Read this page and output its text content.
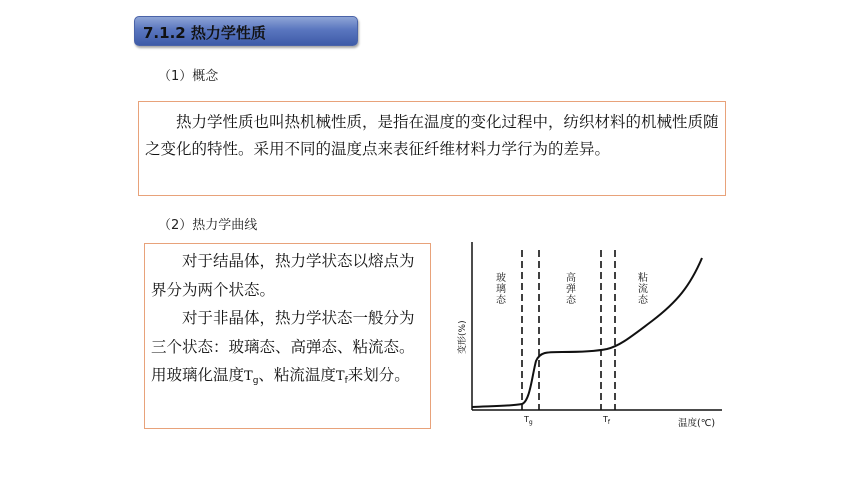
7.1.2 热力学性质
（1）概念

热力学性质也叫热机械性质，是指在温度的变化过程中，纺织材料的机械性质随之变化的特性。采用不同的温度点来表征纤维材料力学行为的差异。

（2）热力学曲线

对于结晶体，热力学状态以熔点为界分为两个状态。

对于非晶体，热力学状态一般分为三个状态：玻璃态、高弹态、粘流态。用玻璃化温度Tg、粘流温度Tf来划分。

玻璃态	高弹态	粘流态
变形(%)
温度(℃)
$T_g$	$T_f$
